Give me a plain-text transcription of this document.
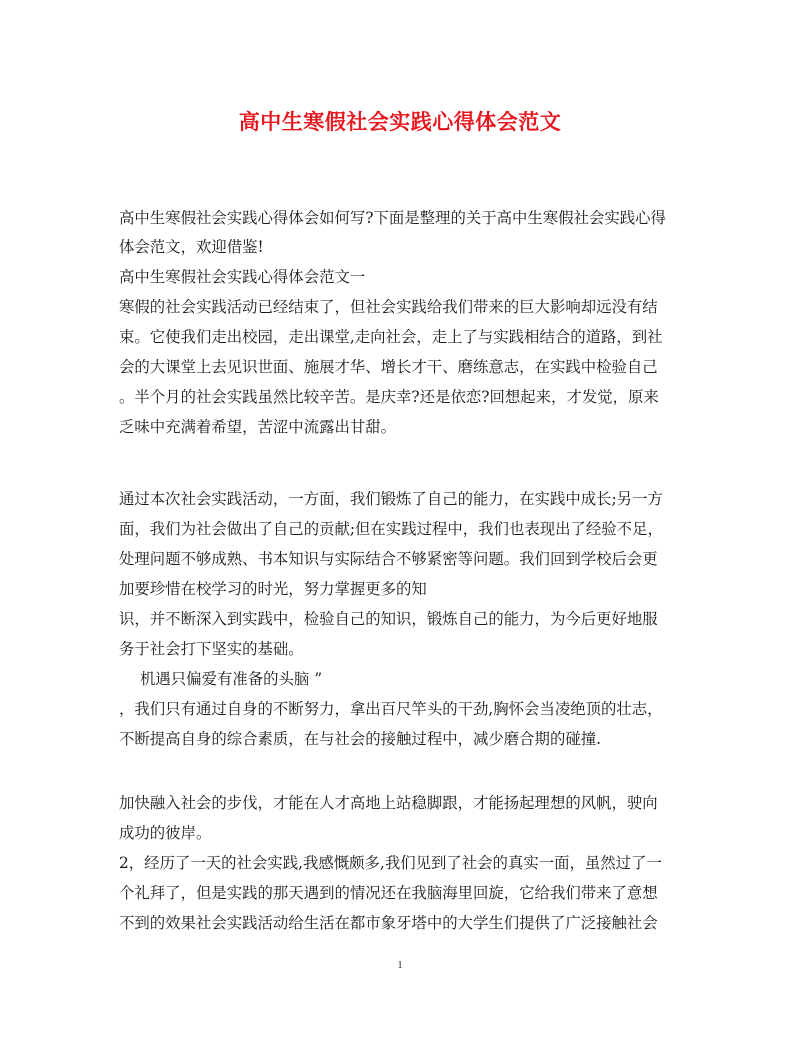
高中生寒假社会实践心得体会范文

高中生寒假社会实践心得体会如何写?下面是整理的关于高中生寒假社会实践心得

体会范文，欢迎借鉴!

高中生寒假社会实践心得体会范文一

寒假的社会实践活动已经结束了，但社会实践给我们带来的巨大影响却远没有结

束。它使我们走出校园，走出课堂,走向社会，走上了与实践相结合的道路，到社

会的大课堂上去见识世面、施展才华、增长才干、磨练意志，在实践中检验自己

。半个月的社会实践虽然比较辛苦。是庆幸?还是依恋?回想起来，才发觉，原来

乏味中充满着希望，苦涩中流露出甘甜。

通过本次社会实践活动，一方面，我们锻炼了自己的能力，在实践中成长;另一方

面，我们为社会做出了自己的贡献;但在实践过程中，我们也表现出了经验不足，

处理问题不够成熟、书本知识与实际结合不够紧密等问题。我们回到学校后会更

加要珍惜在校学习的时光，努力掌握更多的知

识，并不断深入到实践中，检验自己的知识，锻炼自己的能力，为今后更好地服

务于社会打下坚实的基础。

机遇只偏爱有准备的头脑 ”

，我们只有通过自身的不断努力，拿出百尺竿头的干劲,胸怀会当凌绝顶的壮志，

不断提高自身的综合素质，在与社会的接触过程中，减少磨合期的碰撞.

加快融入社会的步伐，才能在人才高地上站稳脚跟，才能扬起理想的风帆，驶向

成功的彼岸。

2，经历了一天的社会实践,我感慨颇多,我们见到了社会的真实一面，虽然过了一

个礼拜了，但是实践的那天遇到的情况还在我脑海里回旋，它给我们带来了意想

不到的效果社会实践活动给生活在都市象牙塔中的大学生们提供了广泛接触社会

1
